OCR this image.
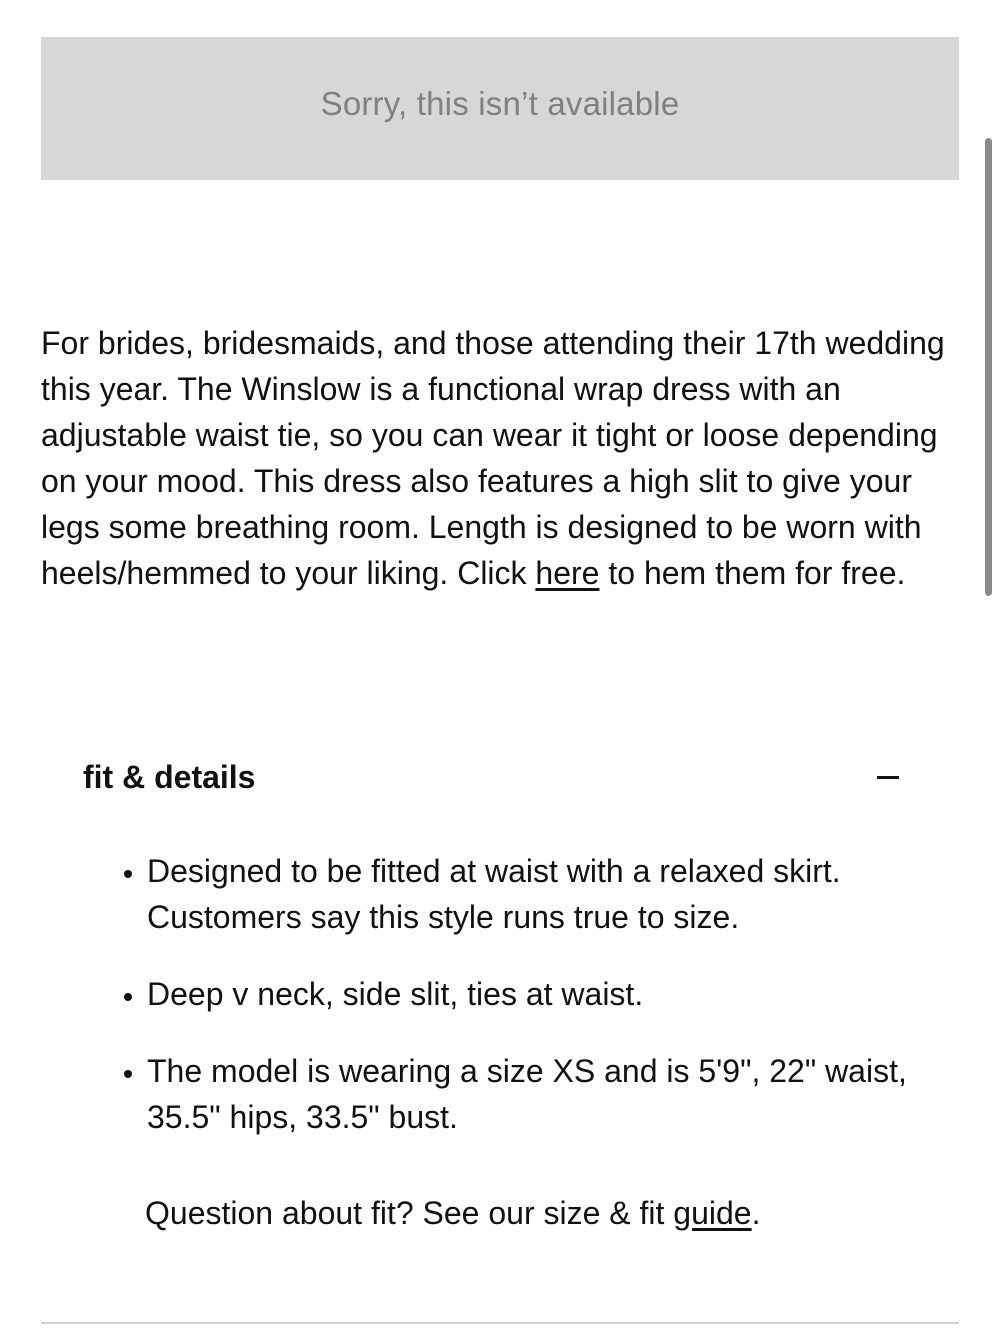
Sorry, this isn’t available

For brides, bridesmaids, and those attending their 17th wedding this year. The Winslow is a functional wrap dress with an adjustable waist tie, so you can wear it tight or loose depending on your mood. This dress also features a high slit to give your legs some breathing room. Length is designed to be worn with heels/hemmed to your liking. Click here to hem them for free.

fit & details
• Designed to be fitted at waist with a relaxed skirt. Customers say this style runs true to size.
• Deep v neck, side slit, ties at waist.
• The model is wearing a size XS and is 5'9", 22" waist, 35.5" hips, 33.5" bust.

Question about fit? See our size & fit guide.
